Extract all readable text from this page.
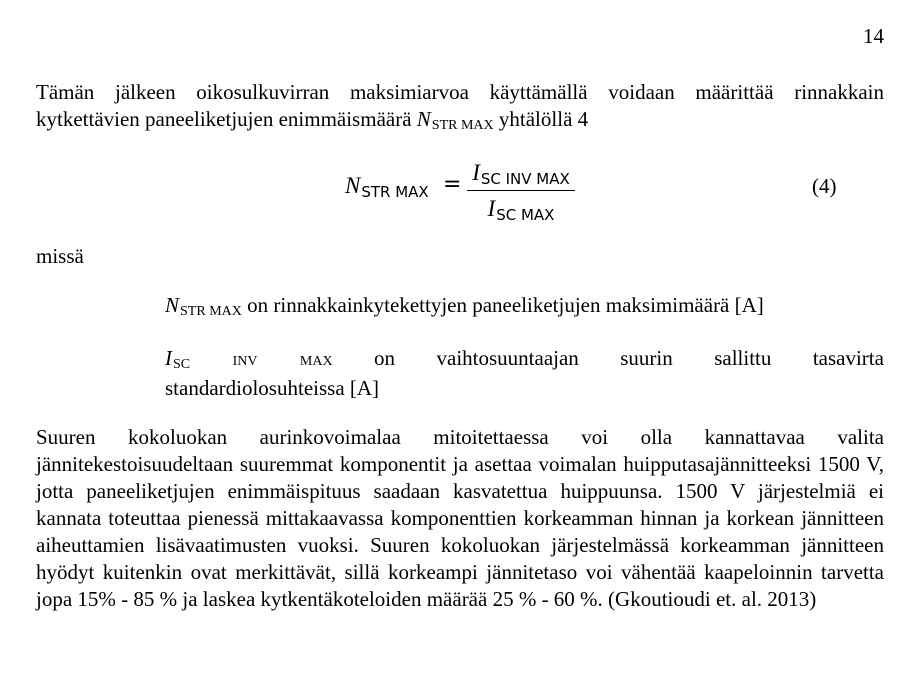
14

Tämän jälkeen oikosulkuvirran maksimiarvoa käyttämällä voidaan määrittää rinnakkain kytkettävien paneeliketjujen enimmäismäärä NSTR MAX yhtälöllä 4

NSTR MAX = ISC INV MAX
ISC MAX
(4)
missä
NSTR MAX on rinnakkainkytekettyjen paneeliketjujen maksimimäärä [A]
ISC	INV	MAX on vaihtosuuntaajan suurin sallittu tasavirta
standardiolosuhteissa [A]

Suuren kokoluokan aurinkovoimalaa mitoitettaessa voi olla kannattavaa valita jännitekestoisuudeltaan suuremmat komponentit ja asettaa voimalan huipputasajännitteeksi 1500 V, jotta paneeliketjujen enimmäispituus saadaan kasvatettua huippuunsa. 1500 V järjestelmiä ei kannata toteuttaa pienessä mittakaavassa komponenttien korkeamman hinnan ja korkean jännitteen aiheuttamien lisävaatimusten vuoksi. Suuren kokoluokan järjestelmässä korkeamman jännitteen hyödyt kuitenkin ovat merkittävät, sillä korkeampi jännitetaso voi vähentää kaapeloinnin tarvetta jopa 15% - 85 % ja laskea kytkentäkoteloiden määrää 25 % - 60 %. (Gkoutioudi et. al. 2013)
